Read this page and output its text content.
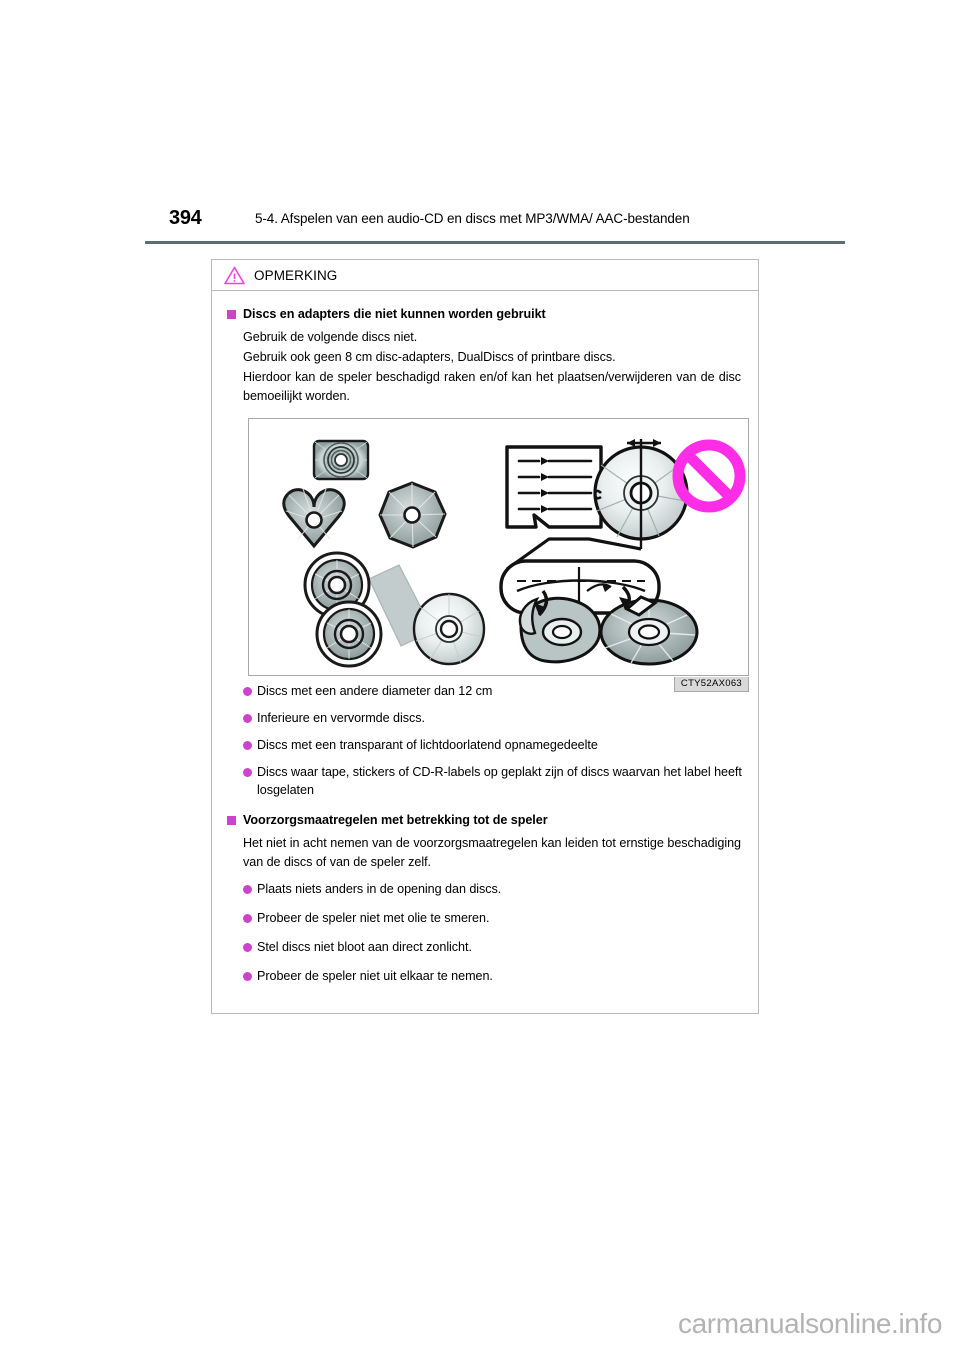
394	5-4. Afspelen van een audio-CD en discs met MP3/WMA/ AAC-bestanden
OPMERKING
Discs en adapters die niet kunnen worden gebruikt

Gebruik de volgende discs niet.

Gebruik ook geen 8 cm disc-adapters, DualDiscs of printbare discs.

Hierdoor kan de speler beschadigd raken en/of kan het plaatsen/verwijderen van de disc bemoeilijkt worden.

CTY52AX063
Discs met een andere diameter dan 12 cm
Inferieure en vervormde discs.
Discs met een transparant of lichtdoorlatend opnamegedeelte
Discs waar tape, stickers of CD-R-labels op geplakt zijn of discs waarvan het label heeft losgelaten
Voorzorgsmaatregelen met betrekking tot de speler

Het niet in acht nemen van de voorzorgsmaatregelen kan leiden tot ernstige beschadiging van de discs of van de speler zelf.

Plaats niets anders in de opening dan discs.
Probeer de speler niet met olie te smeren.
Stel discs niet bloot aan direct zonlicht.
Probeer de speler niet uit elkaar te nemen.
carmanualsonline.info
